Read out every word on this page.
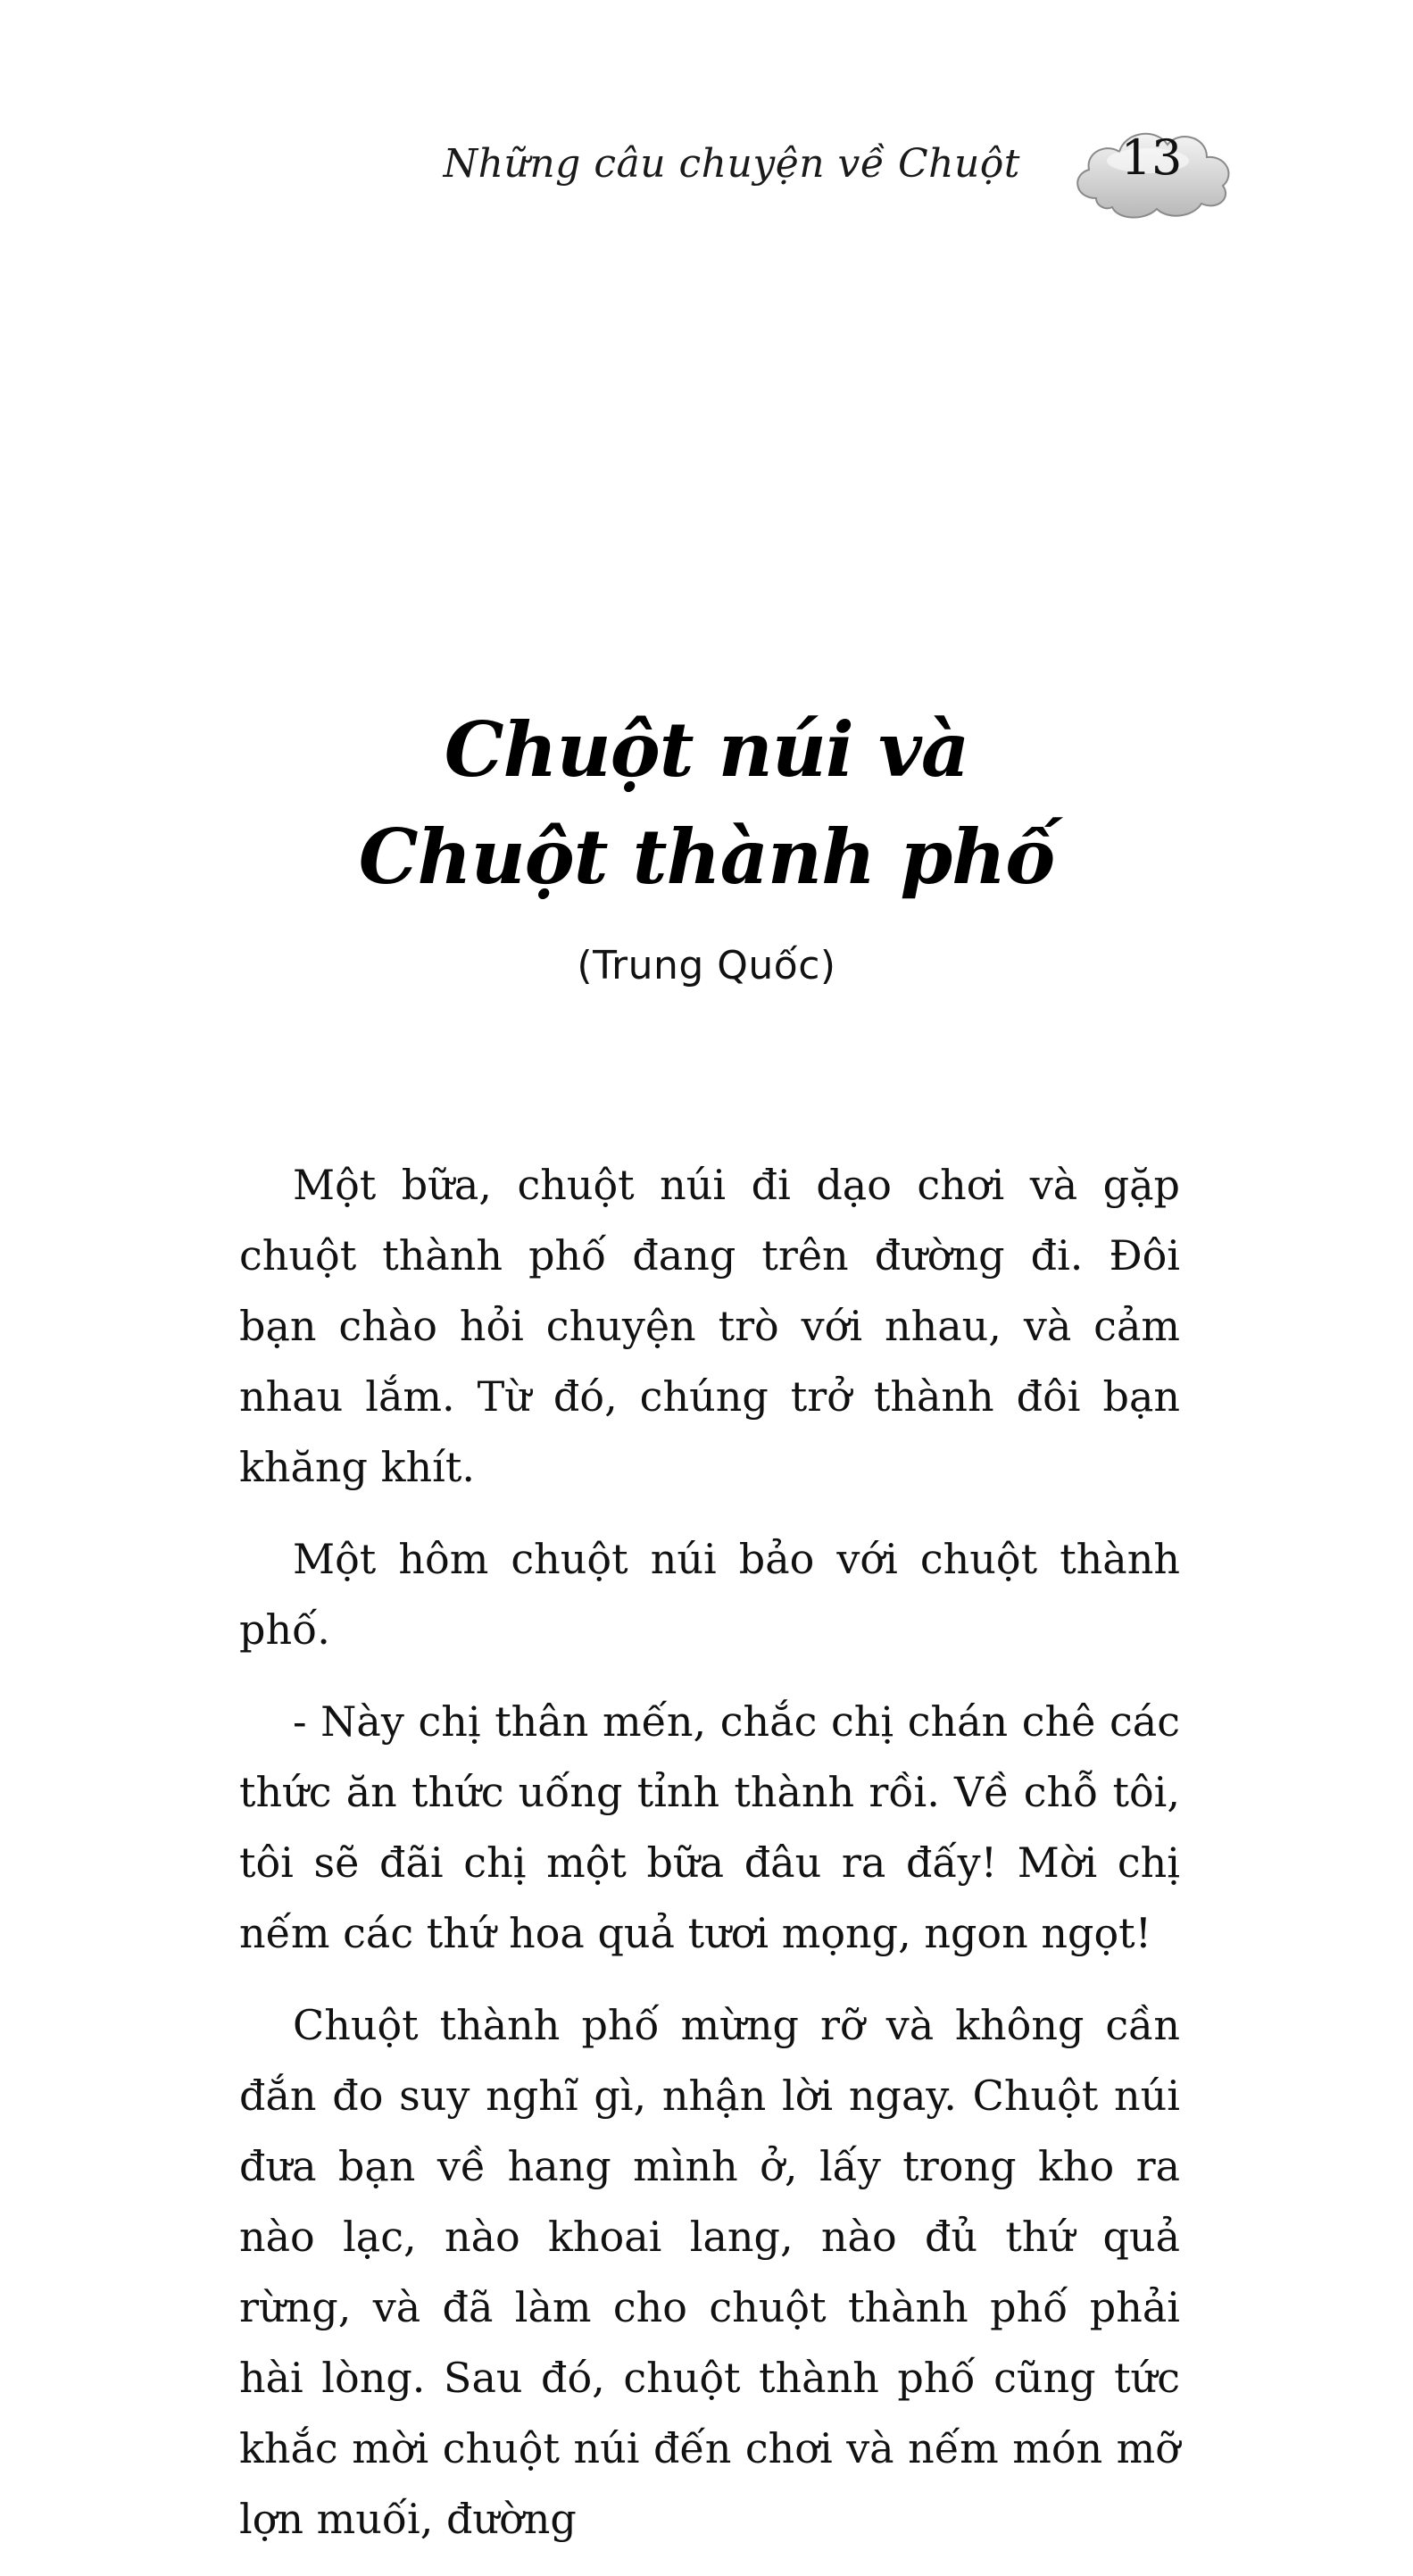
Những câu chuyện về Chuột	13
Chuột núi và
Chuột thành phố
(Trung Quốc)

Một bữa, chuột núi đi dạo chơi và gặp chuột thành phố đang trên đường đi. Đôi bạn chào hỏi chuyện trò với nhau, và cảm nhau lắm. Từ đó, chúng trở thành đôi bạn khăng khít.

Một hôm chuột núi bảo với chuột thành phố.

- Này chị thân mến, chắc chị chán chê các thức ăn thức uống tỉnh thành rồi. Về chỗ tôi, tôi sẽ đãi chị một bữa đâu ra đấy! Mời chị nếm các thứ hoa quả tươi mọng, ngon ngọt!

Chuột thành phố mừng rỡ và không cần đắn đo suy nghĩ gì, nhận lời ngay. Chuột núi đưa bạn về hang mình ở, lấy trong kho ra nào lạc, nào khoai lang, nào đủ thứ quả rừng, và đã làm cho chuột thành phố phải hài lòng. Sau đó, chuột thành phố cũng tức khắc mời chuột núi đến chơi và nếm món mỡ lợn muối, đường
